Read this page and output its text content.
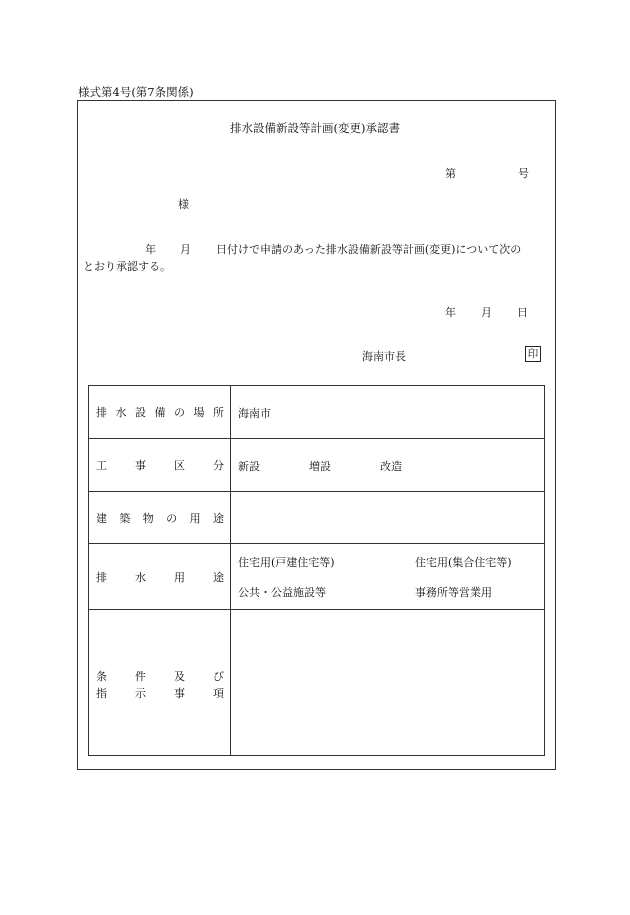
様式第4号(第7条関係)
排水設備新設等計画(変更)承認書
第	号
様
年 月 日付けで申請のあった排水設備新設等計画(変更)について次の
とおり承認する。
年 月 日
海南市長	印
排 水 設 備 の 場 所 海南市
工	事	区	分 新設	増設	改造
建 築 物 の 用 途
排	水	用	途
住宅用(戸建住宅等)	住宅用(集合住宅等)
公共・公益施設等	事務所等営業用
条	件	及	び
指	示	事	項
